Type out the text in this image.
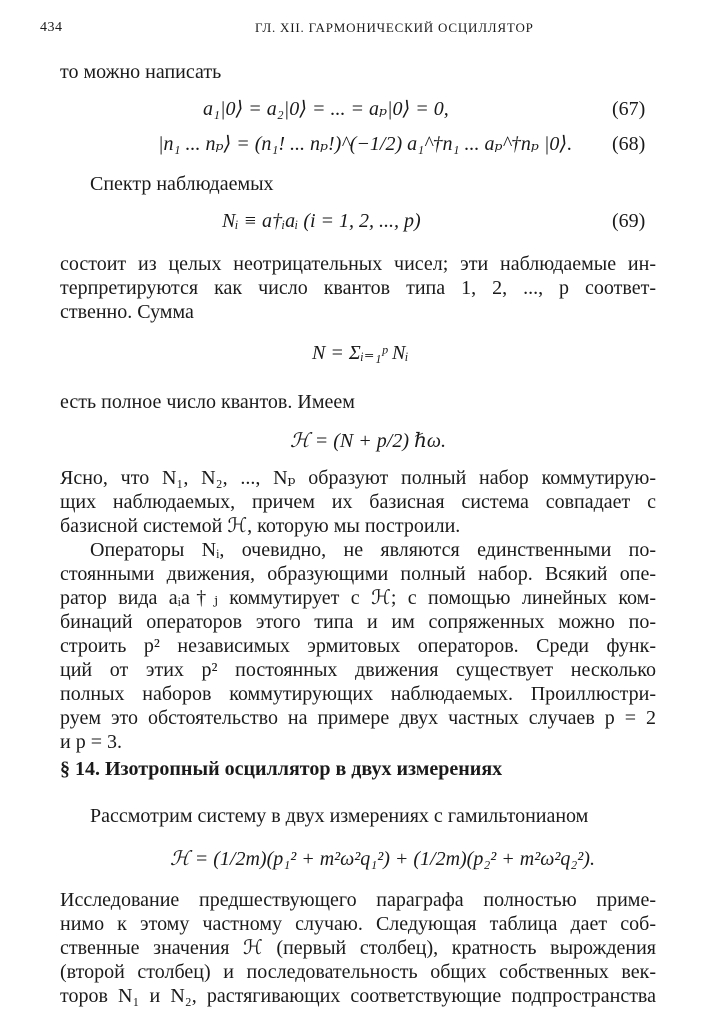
434	ГЛ. XII. ГАРМОНИЧЕСКИЙ ОСЦИЛЛЯТОР
то можно написать
a₁|0⟩ = a₂|0⟩ = ... = aₚ|0⟩ = 0,	(67)
|n₁ ... nₚ⟩ = (n₁! ... nₚ!)^(−1/2) a₁^†n₁ ... aₚ^†nₚ |0⟩. (68)
Спектр наблюдаемых
Nᵢ ≡ a†ᵢaᵢ (i = 1, 2, ..., p)	(69)
состоит из целых неотрицательных чисел; эти наблюдаемые ин-
терпретируются как число квантов типа 1, 2, ..., p соответ-
ственно. Сумма
N = Σᵢ₌₁ᵖ Nᵢ
есть полное число квантов. Имеем
ℋ = (N + p/2) ℏω.
Ясно, что N₁, N₂, ..., Nₚ образуют полный набор коммутирую-
щих наблюдаемых, причем их базисная система совпадает с
базисной системой ℋ, которую мы построили.
Операторы Nᵢ, очевидно, не являются единственными по-
стоянными движения, образующими полный набор. Всякий опе-
ратор вида aᵢa†ⱼ коммутирует с ℋ; с помощью линейных ком-
бинаций операторов этого типа и им сопряженных можно по-
строить p² независимых эрмитовых операторов. Среди функ-
ций от этих p² постоянных движения существует несколько
полных наборов коммутирующих наблюдаемых. Проиллюстри-
руем это обстоятельство на примере двух частных случаев p = 2
и p = 3.
§ 14. Изотропный осциллятор в двух измерениях
Рассмотрим систему в двух измерениях с гамильтонианом
ℋ = (1/2m)(p₁² + m²ω²q₁²) + (1/2m)(p₂² + m²ω²q₂²).
Исследование предшествующего параграфа полностью приме-
нимо к этому частному случаю. Следующая таблица дает соб-
ственные значения ℋ (первый столбец), кратность вырождения
(второй столбец) и последовательность общих собственных век-
торов N₁ и N₂, растягивающих соответствующие подпространства
